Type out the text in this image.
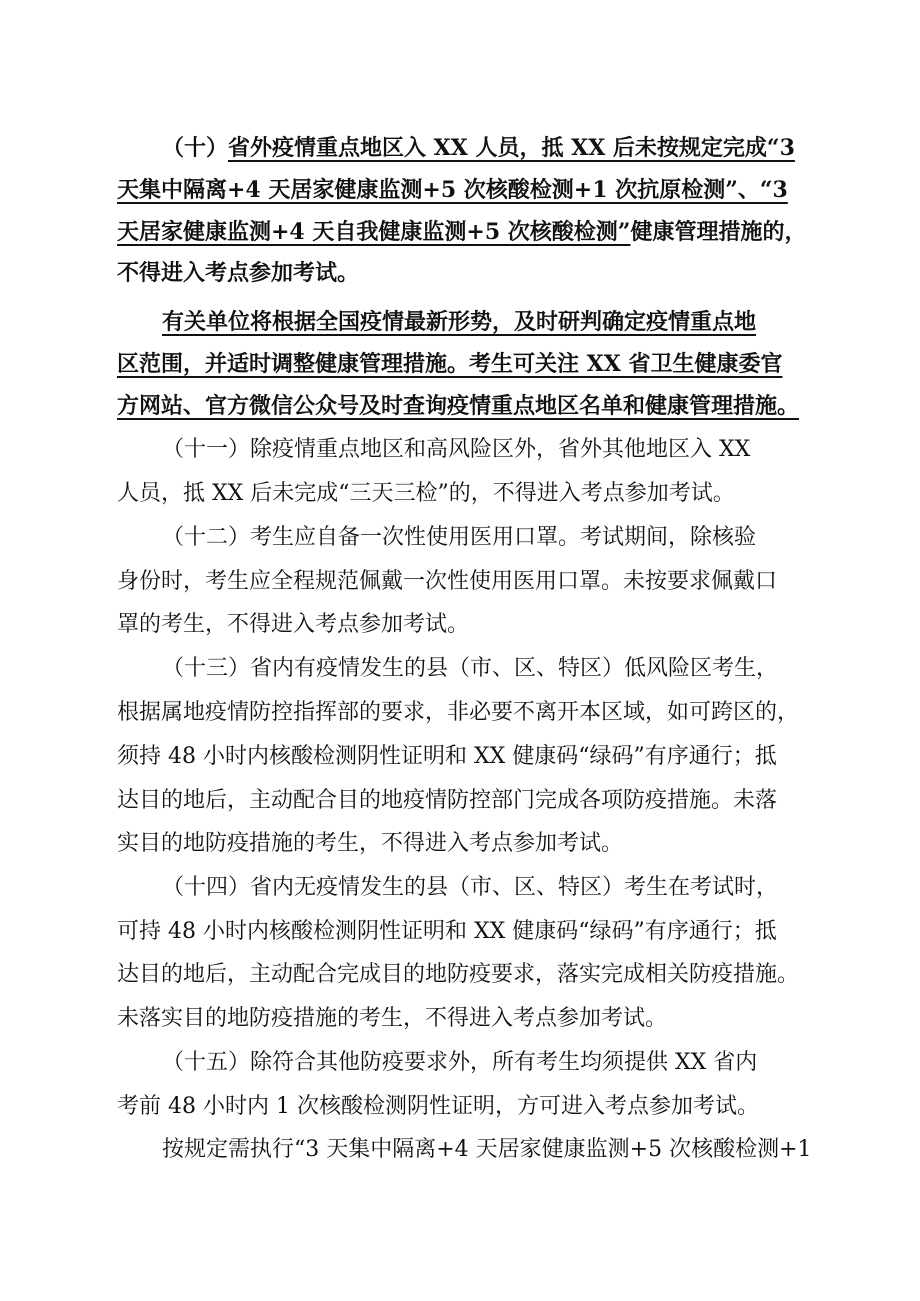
（十）省外疫情重点地区入 XX 人员，抵 XX 后未按规定完成“3
天集中隔离+4 天居家健康监测+5 次核酸检测+1 次抗原检测”、“3
天居家健康监测+4 天自我健康监测+5 次核酸检测”健康管理措施的，
不得进入考点参加考试。
有关单位将根据全国疫情最新形势，及时研判确定疫情重点地
区范围，并适时调整健康管理措施。考生可关注 XX 省卫生健康委官
方网站、官方微信公众号及时查询疫情重点地区名单和健康管理措施。
（十一）除疫情重点地区和高风险区外，省外其他地区入 XX
人员，抵 XX 后未完成“三天三检”的，不得进入考点参加考试。
（十二）考生应自备一次性使用医用口罩。考试期间，除核验
身份时，考生应全程规范佩戴一次性使用医用口罩。未按要求佩戴口
罩的考生，不得进入考点参加考试。
（十三）省内有疫情发生的县（市、区、特区）低风险区考生，
根据属地疫情防控指挥部的要求，非必要不离开本区域，如可跨区的，
须持 48 小时内核酸检测阴性证明和 XX 健康码“绿码”有序通行；抵
达目的地后，主动配合目的地疫情防控部门完成各项防疫措施。未落
实目的地防疫措施的考生，不得进入考点参加考试。
（十四）省内无疫情发生的县（市、区、特区）考生在考试时，
可持 48 小时内核酸检测阴性证明和 XX 健康码“绿码”有序通行；抵
达目的地后，主动配合完成目的地防疫要求，落实完成相关防疫措施。
未落实目的地防疫措施的考生，不得进入考点参加考试。
（十五）除符合其他防疫要求外，所有考生均须提供 XX 省内
考前 48 小时内 1 次核酸检测阴性证明，方可进入考点参加考试。
按规定需执行“3 天集中隔离+4 天居家健康监测+5 次核酸检测+1
